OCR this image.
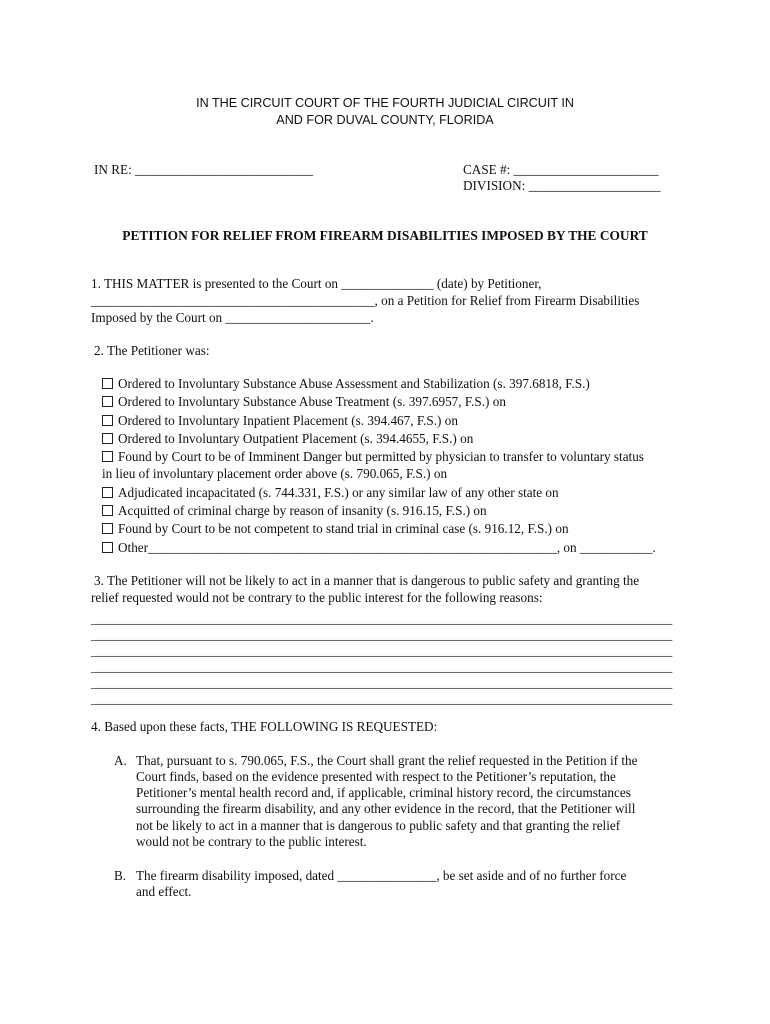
IN THE CIRCUIT COURT OF THE FOURTH JUDICIAL CIRCUIT IN
AND FOR DUVAL COUNTY, FLORIDA
IN RE: ___________________________	CASE #: ______________________
DIVISION: ____________________
PETITION FOR RELIEF FROM FIREARM DISABILITIES IMPOSED BY THE COURT
1. THIS MATTER is presented to the Court on ______________ (date) by Petitioner,
___________________________________________, on a Petition for Relief from Firearm Disabilities
Imposed by the Court on ______________________.
2. The Petitioner was:
Ordered to Involuntary Substance Abuse Assessment and Stabilization (s. 397.6818, F.S.)
Ordered to Involuntary Substance Abuse Treatment (s. 397.6957, F.S.) on
Ordered to Involuntary Inpatient Placement (s. 394.467, F.S.) on
Ordered to Involuntary Outpatient Placement (s. 394.4655, F.S.) on
Found by Court to be of Imminent Danger but permitted by physician to transfer to voluntary status
in lieu of involuntary placement order above (s. 790.065, F.S.) on
Adjudicated incapacitated (s. 744.331, F.S.) or any similar law of any other state on
Acquitted of criminal charge by reason of insanity (s. 916.15, F.S.) on
Found by Court to be not competent to stand trial in criminal case (s. 916.12, F.S.) on
Other______________________________________________________________, on ___________.
3. The Petitioner will not be likely to act in a manner that is dangerous to public safety and granting the
relief requested would not be contrary to the public interest for the following reasons:
_____________________________________________________________________________________________
_____________________________________________________________________________________________
_____________________________________________________________________________________________
_____________________________________________________________________________________________
_____________________________________________________________________________________________
_____________________________________________________________________________________________
4. Based upon these facts, THE FOLLOWING IS REQUESTED:
A. That, pursuant to s. 790.065, F.S., the Court shall grant the relief requested in the Petition if the
Court finds, based on the evidence presented with respect to the Petitioner’s reputation, the
Petitioner’s mental health record and, if applicable, criminal history record, the circumstances
surrounding the firearm disability, and any other evidence in the record, that the Petitioner will
not be likely to act in a manner that is dangerous to public safety and that granting the relief
would not be contrary to the public interest.
B. The firearm disability imposed, dated _______________, be set aside and of no further force
and effect.
